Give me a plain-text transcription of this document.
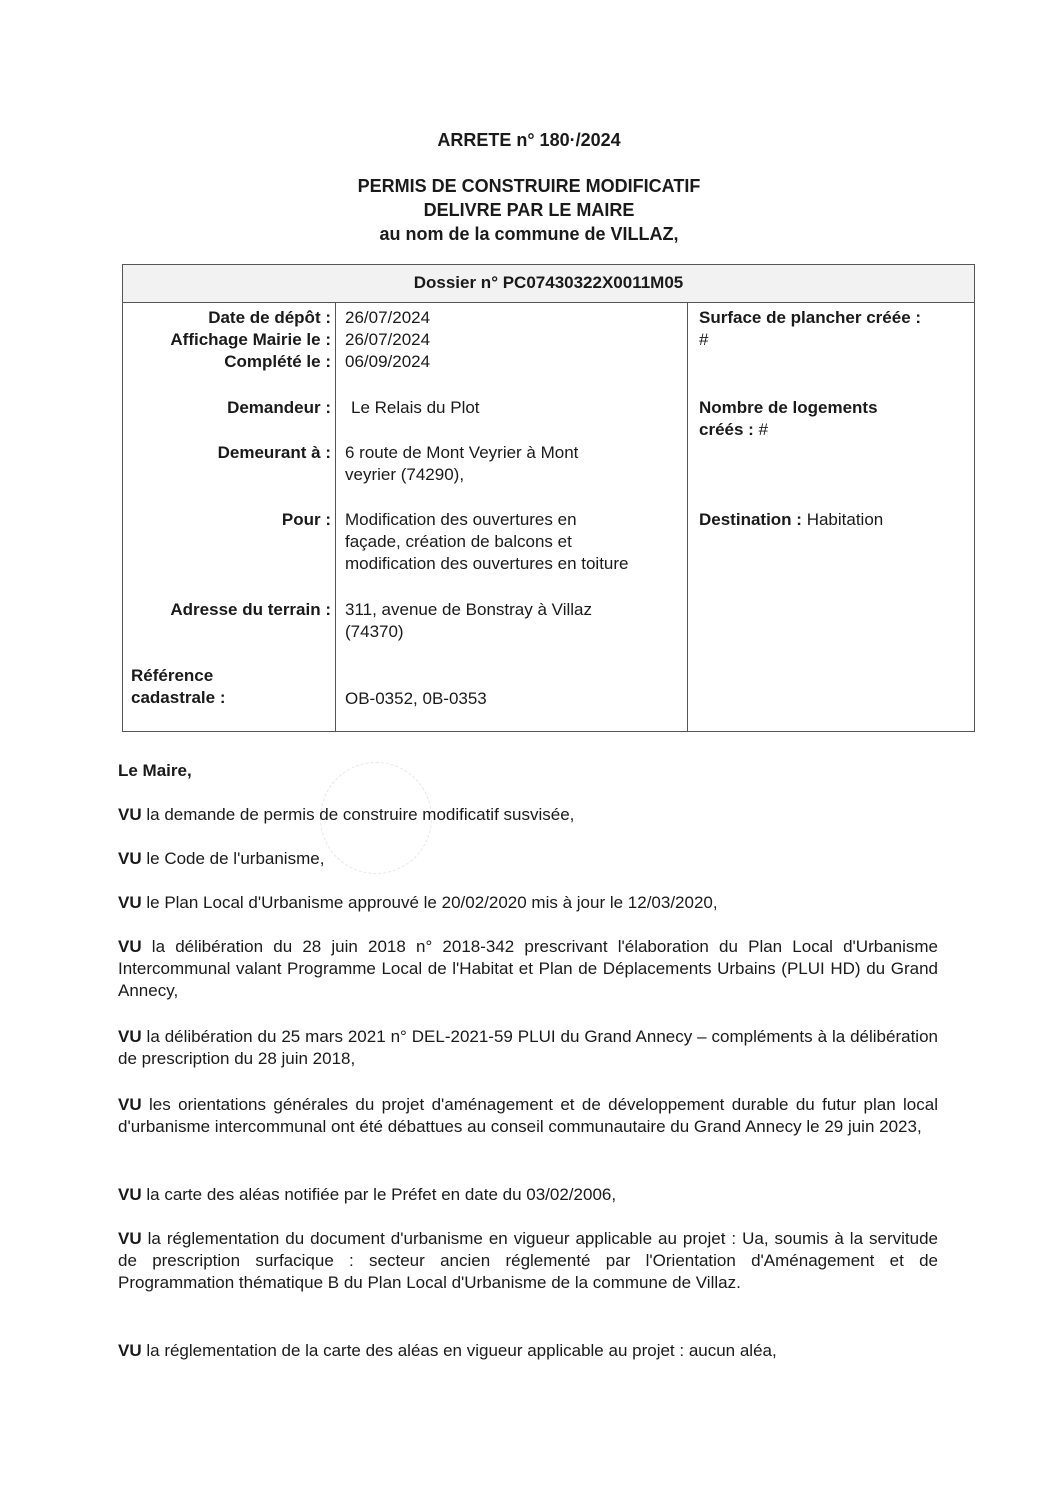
ARRETE n° 180·/2024
PERMIS DE CONSTRUIRE MODIFICATIF
DELIVRE PAR LE MAIRE
au nom de la commune de VILLAZ,
Dossier n° PC07430322X0011M05
Date de dépôt : 26/07/2024
Affichage Mairie le : 26/07/2024
Complété le : 06/09/2024
Demandeur : Le Relais du Plot
Demeurant à : 6 route de Mont Veyrier à Mont
veyrier (74290),
Pour : Modification des ouvertures en
façade, création de balcons et
modification des ouvertures en toiture
Adresse du terrain : 311, avenue de Bonstray à Villaz
(74370)
Référence
cadastrale :	OB-0352, 0B-0353
Surface de plancher créée :
#
Nombre de logements
créés : #
Destination : Habitation
Le Maire,
VU la demande de permis de construire modificatif susvisée,
VU le Code de l'urbanisme,
VU le Plan Local d'Urbanisme approuvé le 20/02/2020 mis à jour le 12/03/2020,
VU la délibération du 28 juin 2018 n° 2018-342 prescrivant l'élaboration du Plan Local d'Urbanisme Intercommunal valant Programme Local de l'Habitat et Plan de Déplacements Urbains (PLUI HD) du Grand Annecy,
VU la délibération du 25 mars 2021 n° DEL-2021-59 PLUI du Grand Annecy – compléments à la délibération de prescription du 28 juin 2018,
VU les orientations générales du projet d'aménagement et de développement durable du futur plan local d'urbanisme intercommunal ont été débattues au conseil communautaire du Grand Annecy le 29 juin 2023,
VU la carte des aléas notifiée par le Préfet en date du 03/02/2006,
VU la réglementation du document d'urbanisme en vigueur applicable au projet : Ua, soumis à la servitude de prescription surfacique : secteur ancien réglementé par l'Orientation d'Aménagement et de Programmation thématique B du Plan Local d'Urbanisme de la commune de Villaz.
VU la réglementation de la carte des aléas en vigueur applicable au projet : aucun aléa,
